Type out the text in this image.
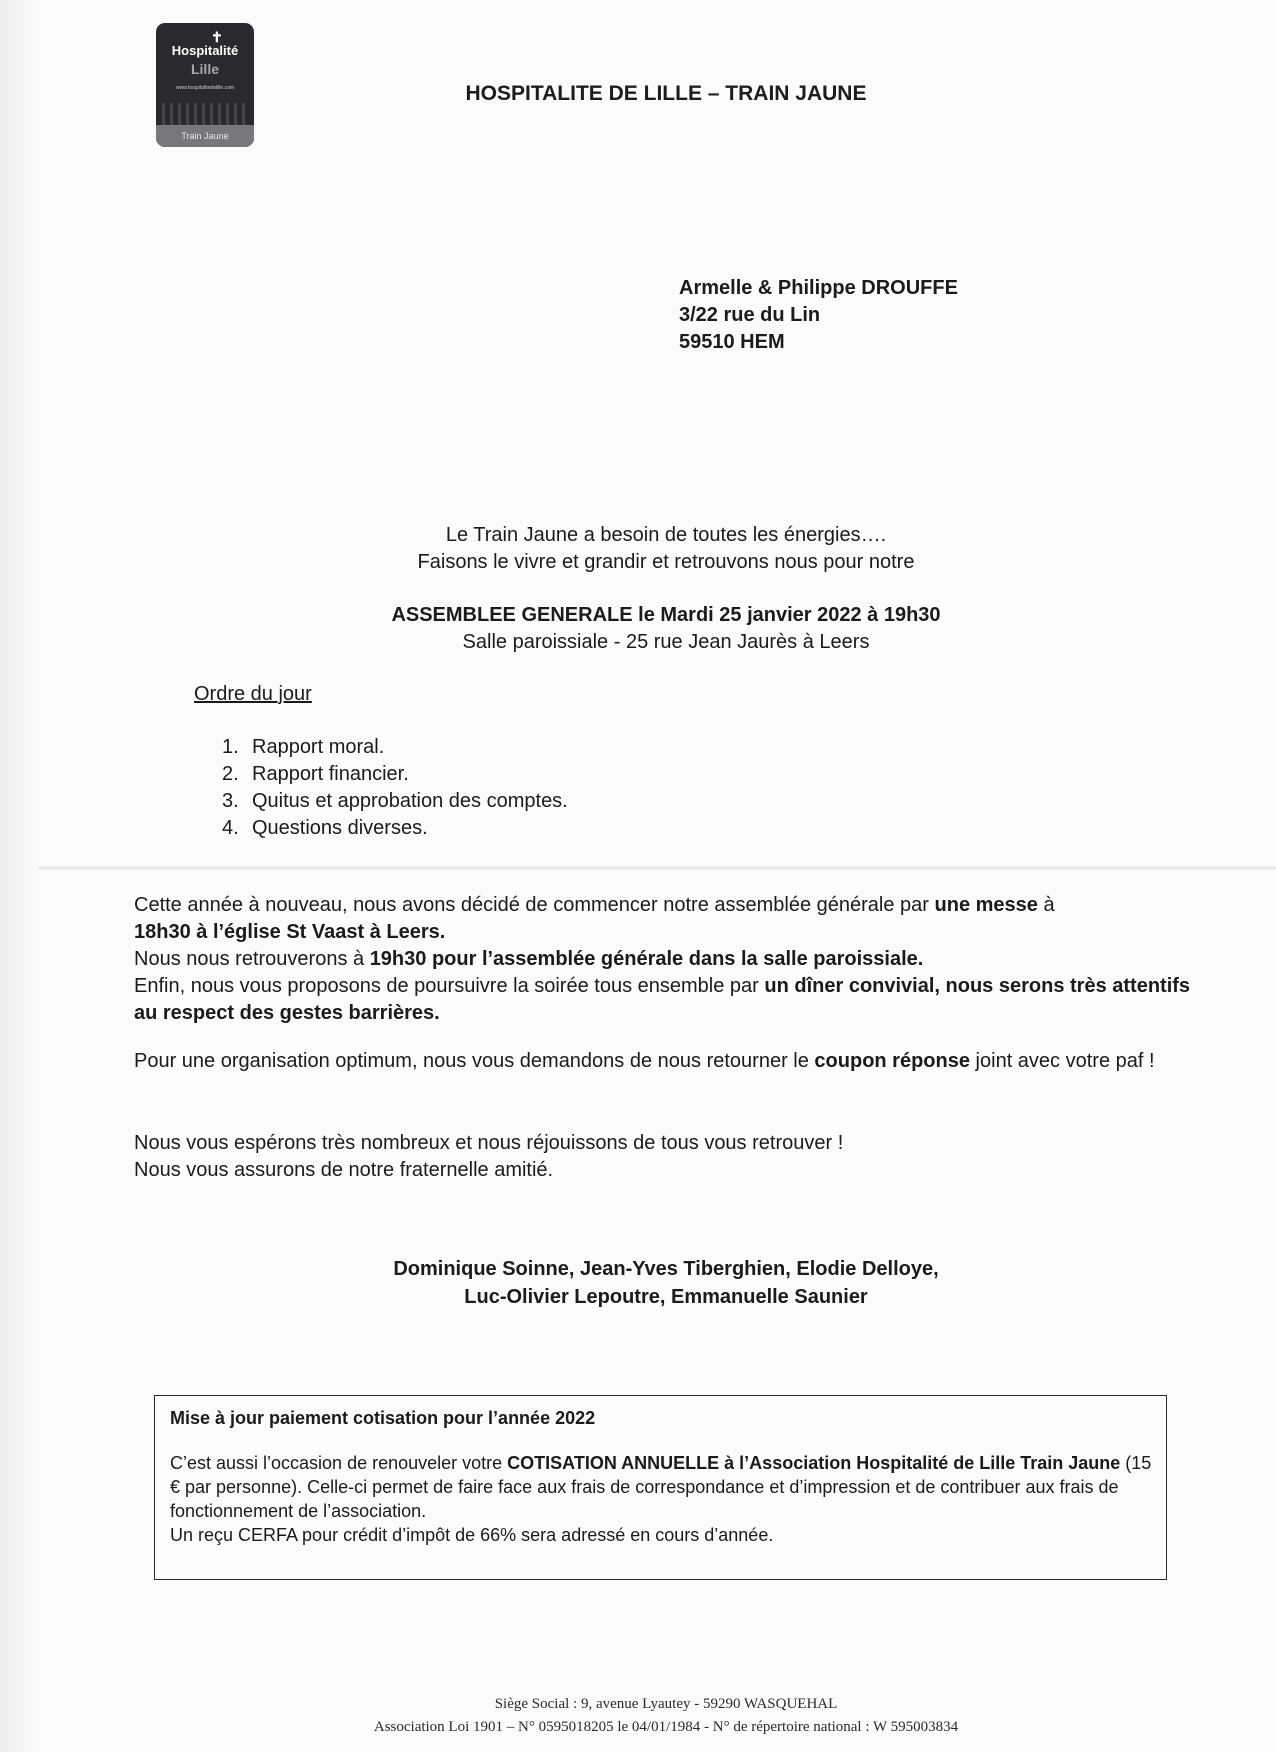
✝
Hospitalité
Lille
www.hospitalitedelille.com
Train Jaune
HOSPITALITE DE LILLE – TRAIN JAUNE
Armelle & Philippe DROUFFE
3/22 rue du Lin
59510 HEM
Le Train Jaune a besoin de toutes les énergies….
Faisons le vivre et grandir et retrouvons nous pour notre
ASSEMBLEE GENERALE le Mardi 25 janvier 2022 à 19h30
Salle paroissiale - 25 rue Jean Jaurès à Leers
Ordre du jour
1. Rapport moral.
2. Rapport financier.
3. Quitus et approbation des comptes.
4. Questions diverses.

Cette année à nouveau, nous avons décidé de commencer notre assemblée générale par une messe à
18h30 à l’église St Vaast à Leers.
Nous nous retrouverons à 19h30 pour l’assemblée générale dans la salle paroissiale.
Enfin, nous vous proposons de poursuivre la soirée tous ensemble par un dîner convivial, nous serons très attentifs au respect des gestes barrières.

Pour une organisation optimum, nous vous demandons de nous retourner le coupon réponse joint avec votre paf !

Nous vous espérons très nombreux et nous réjouissons de tous vous retrouver !
Nous vous assurons de notre fraternelle amitié.

Dominique Soinne, Jean-Yves Tiberghien, Elodie Delloye,
Luc-Olivier Lepoutre, Emmanuelle Saunier
Mise à jour paiement cotisation pour l’année 2022

C’est aussi l’occasion de renouveler votre COTISATION ANNUELLE à l’Association Hospitalité de Lille Train Jaune (15 € par personne). Celle-ci permet de faire face aux frais de correspondance et d’impression et de contribuer aux frais de fonctionnement de l’association.
Un reçu CERFA pour crédit d’impôt de 66% sera adressé en cours d’année.

Siège Social : 9, avenue Lyautey - 59290 WASQUEHAL
Association Loi 1901 – N° 0595018205 le 04/01/1984 - N° de répertoire national : W 595003834
